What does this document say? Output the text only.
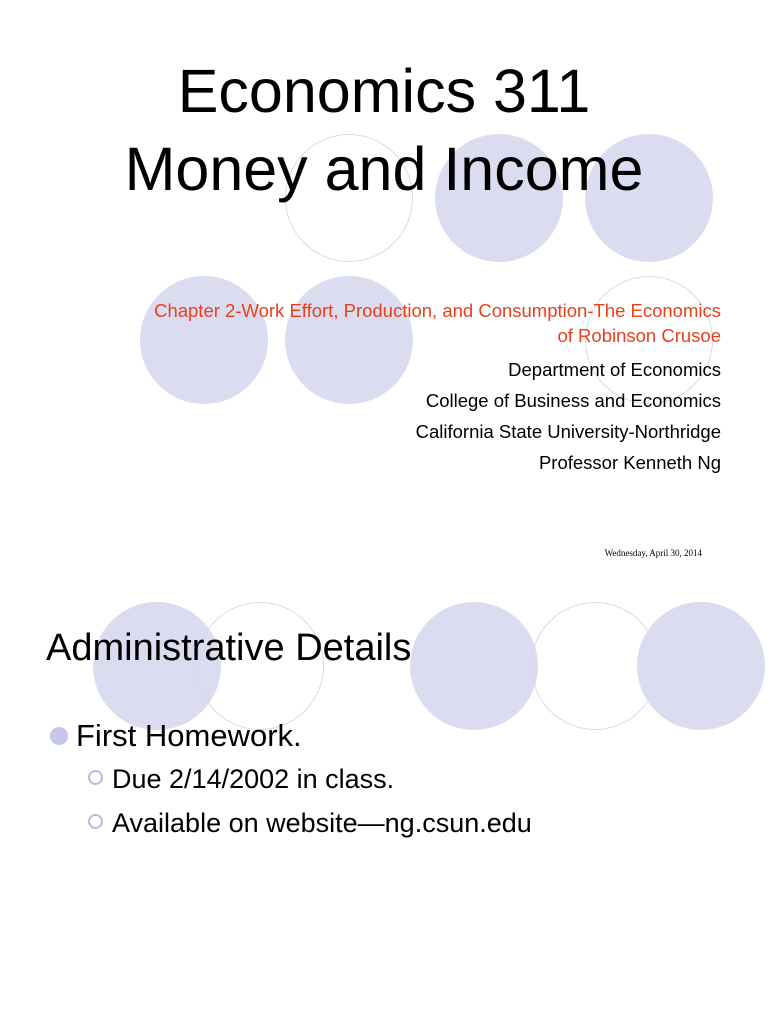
Economics 311
Money and Income
Chapter 2-Work Effort, Production, and Consumption-The Economics
of Robinson Crusoe
Department of Economics
College of Business and Economics
California State University-Northridge
Professor Kenneth Ng
Wednesday, April 30, 2014
Administrative Details
First Homework.
Due 2/14/2002 in class.
Available on website—ng.csun.edu
